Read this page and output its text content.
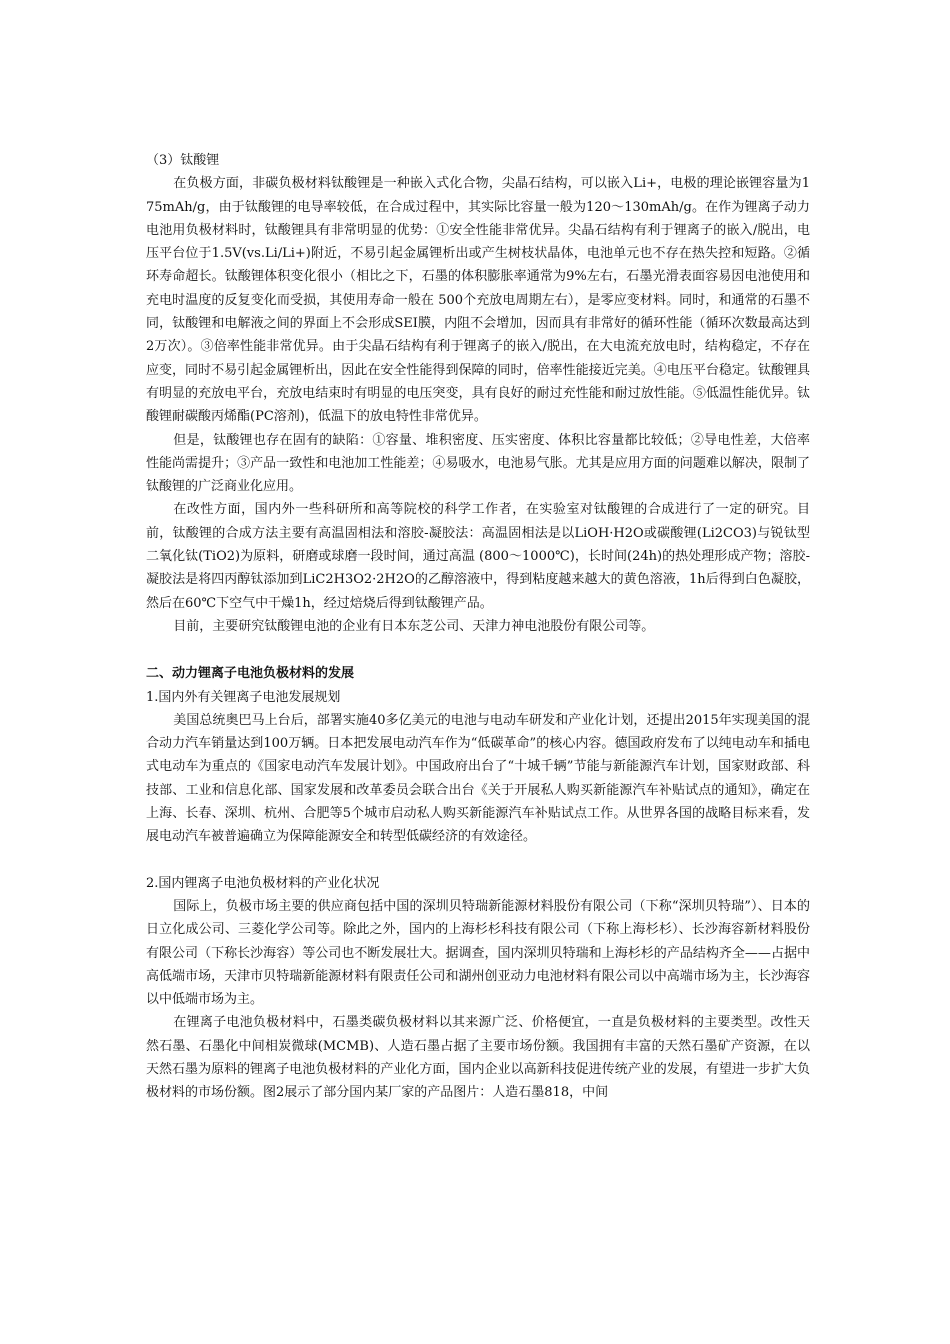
（3）钛酸锂

在负极方面，非碳负极材料钛酸锂是一种嵌入式化合物，尖晶石结构，可以嵌入Li+，电极的理论嵌锂容量为175mAh/g，由于钛酸锂的电导率较低，在合成过程中，其实际比容量一般为120～130mAh/g。在作为锂离子动力电池用负极材料时，钛酸锂具有非常明显的优势：①安全性能非常优异。尖晶石结构有利于锂离子的嵌入/脱出，电压平台位于1.5V(vs.Li/Li+)附近，不易引起金属锂析出或产生树枝状晶体，电池单元也不存在热失控和短路。②循环寿命超长。钛酸锂体积变化很小（相比之下，石墨的体积膨胀率通常为9%左右，石墨光滑表面容易因电池使用和充电时温度的反复变化而受损，其使用寿命一般在 500个充放电周期左右），是零应变材料。同时，和通常的石墨不同，钛酸锂和电解液之间的界面上不会形成SEI膜，内阻不会增加，因而具有非常好的循环性能（循环次数最高达到2万次）。③倍率性能非常优异。由于尖晶石结构有利于锂离子的嵌入/脱出，在大电流充放电时，结构稳定，不存在应变，同时不易引起金属锂析出，因此在安全性能得到保障的同时，倍率性能接近完美。④电压平台稳定。钛酸锂具有明显的充放电平台，充放电结束时有明显的电压突变，具有良好的耐过充性能和耐过放性能。⑤低温性能优异。钛酸锂耐碳酸丙烯酯(PC溶剂)，低温下的放电特性非常优异。

但是，钛酸锂也存在固有的缺陷：①容量、堆积密度、压实密度、体积比容量都比较低；②导电性差，大倍率性能尚需提升；③产品一致性和电池加工性能差；④易吸水，电池易气胀。尤其是应用方面的问题难以解决，限制了钛酸锂的广泛商业化应用。

在改性方面，国内外一些科研所和高等院校的科学工作者，在实验室对钛酸锂的合成进行了一定的研究。目前，钛酸锂的合成方法主要有高温固相法和溶胶-凝胶法：高温固相法是以LiOH·H2O或碳酸锂(Li2CO3)与锐钛型二氧化钛(TiO2)为原料，研磨或球磨一段时间，通过高温 (800～1000℃)，长时间(24h)的热处理形成产物；溶胶-凝胶法是将四丙醇钛添加到LiC2H3O2·2H2O的乙醇溶液中，得到粘度越来越大的黄色溶液，1h后得到白色凝胶，然后在60℃下空气中干燥1h，经过焙烧后得到钛酸锂产品。

目前，主要研究钛酸锂电池的企业有日本东芝公司、天津力神电池股份有限公司等。

二、动力锂离子电池负极材料的发展

1.国内外有关锂离子电池发展规划

美国总统奥巴马上台后，部署实施40多亿美元的电池与电动车研发和产业化计划，还提出2015年实现美国的混合动力汽车销量达到100万辆。日本把发展电动汽车作为“低碳革命”的核心内容。德国政府发布了以纯电动车和插电式电动车为重点的《国家电动汽车发展计划》。中国政府出台了“十城千辆”节能与新能源汽车计划，国家财政部、科技部、工业和信息化部、国家发展和改革委员会联合出台《关于开展私人购买新能源汽车补贴试点的通知》，确定在上海、长春、深圳、杭州、合肥等5个城市启动私人购买新能源汽车补贴试点工作。从世界各国的战略目标来看，发展电动汽车被普遍确立为保障能源安全和转型低碳经济的有效途径。

2.国内锂离子电池负极材料的产业化状况

国际上，负极市场主要的供应商包括中国的深圳贝特瑞新能源材料股份有限公司（下称“深圳贝特瑞”）、日本的日立化成公司、三菱化学公司等。除此之外，国内的上海杉杉科技有限公司（下称上海杉杉）、长沙海容新材料股份有限公司（下称长沙海容）等公司也不断发展壮大。据调查，国内深圳贝特瑞和上海杉杉的产品结构齐全——占据中高低端市场，天津市贝特瑞新能源材料有限责任公司和湖州创亚动力电池材料有限公司以中高端市场为主，长沙海容以中低端市场为主。

在锂离子电池负极材料中，石墨类碳负极材料以其来源广泛、价格便宜，一直是负极材料的主要类型。改性天然石墨、石墨化中间相炭微球(MCMB)、人造石墨占据了主要市场份额。我国拥有丰富的天然石墨矿产资源，在以天然石墨为原料的锂离子电池负极材料的产业化方面，国内企业以高新科技促进传统产业的发展，有望进一步扩大负极材料的市场份额。图2展示了部分国内某厂家的产品图片：人造石墨818，中间
